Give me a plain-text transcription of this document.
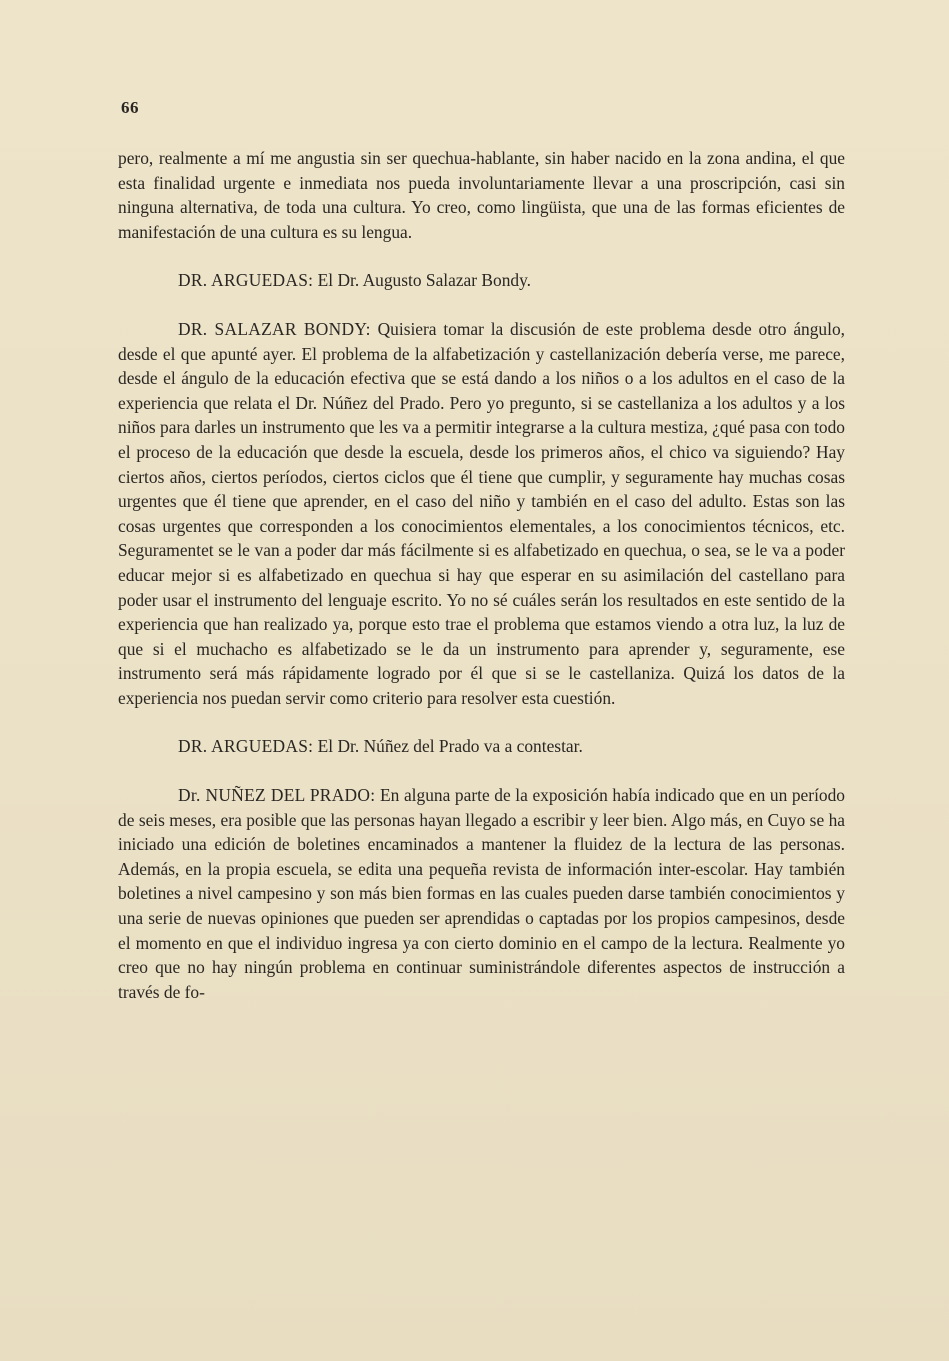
66

pero, realmente a mí me angustia sin ser quechua-hablante, sin haber nacido en la zona andina, el que esta finalidad urgente e inmediata nos pueda involuntariamente llevar a una proscripción, casi sin ninguna alternativa, de toda una cultura. Yo creo, como lingüista, que una de las formas eficientes de manifestación de una cultura es su lengua.

DR. ARGUEDAS: El Dr. Augusto Salazar Bondy.

DR. SALAZAR BONDY: Quisiera tomar la discusión de este problema desde otro ángulo, desde el que apunté ayer. El problema de la alfabetización y castellanización debería verse, me parece, desde el ángulo de la educación efectiva que se está dando a los niños o a los adultos en el caso de la experiencia que relata el Dr. Núñez del Prado. Pero yo pregunto, si se castellaniza a los adultos y a los niños para darles un instrumento que les va a permitir integrarse a la cultura mestiza, ¿qué pasa con todo el proceso de la educación que desde la escuela, desde los primeros años, el chico va siguiendo? Hay ciertos años, ciertos períodos, ciertos ciclos que él tiene que cumplir, y seguramente hay muchas cosas urgentes que él tiene que aprender, en el caso del niño y también en el caso del adulto. Estas son las cosas urgentes que corresponden a los conocimientos elementales, a los conocimientos técnicos, etc. Seguramentet se le van a poder dar más fácilmente si es alfabetizado en quechua, o sea, se le va a poder educar mejor si es alfabetizado en quechua si hay que esperar en su asimilación del castellano para poder usar el instrumento del lenguaje escrito. Yo no sé cuáles serán los resultados en este sentido de la experiencia que han realizado ya, porque esto trae el problema que estamos viendo a otra luz, la luz de que si el muchacho es alfabetizado se le da un instrumento para aprender y, seguramente, ese instrumento será más rápidamente logrado por él que si se le castellaniza. Quizá los datos de la experiencia nos puedan servir como criterio para resolver esta cuestión.

DR. ARGUEDAS: El Dr. Núñez del Prado va a contestar.

Dr. NUÑEZ DEL PRADO: En alguna parte de la exposición había indicado que en un período de seis meses, era posible que las personas hayan llegado a escribir y leer bien. Algo más, en Cuyo se ha iniciado una edición de boletines encaminados a mantener la fluidez de la lectura de las personas. Además, en la propia escuela, se edita una pequeña revista de información inter-escolar. Hay también boletines a nivel campesino y son más bien formas en las cuales pueden darse también conocimientos y una serie de nuevas opiniones que pueden ser aprendidas o captadas por los propios campesinos, desde el momento en que el individuo ingresa ya con cierto dominio en el campo de la lectura. Realmente yo creo que no hay ningún problema en continuar suministrándole diferentes aspectos de instrucción a través de fo-
